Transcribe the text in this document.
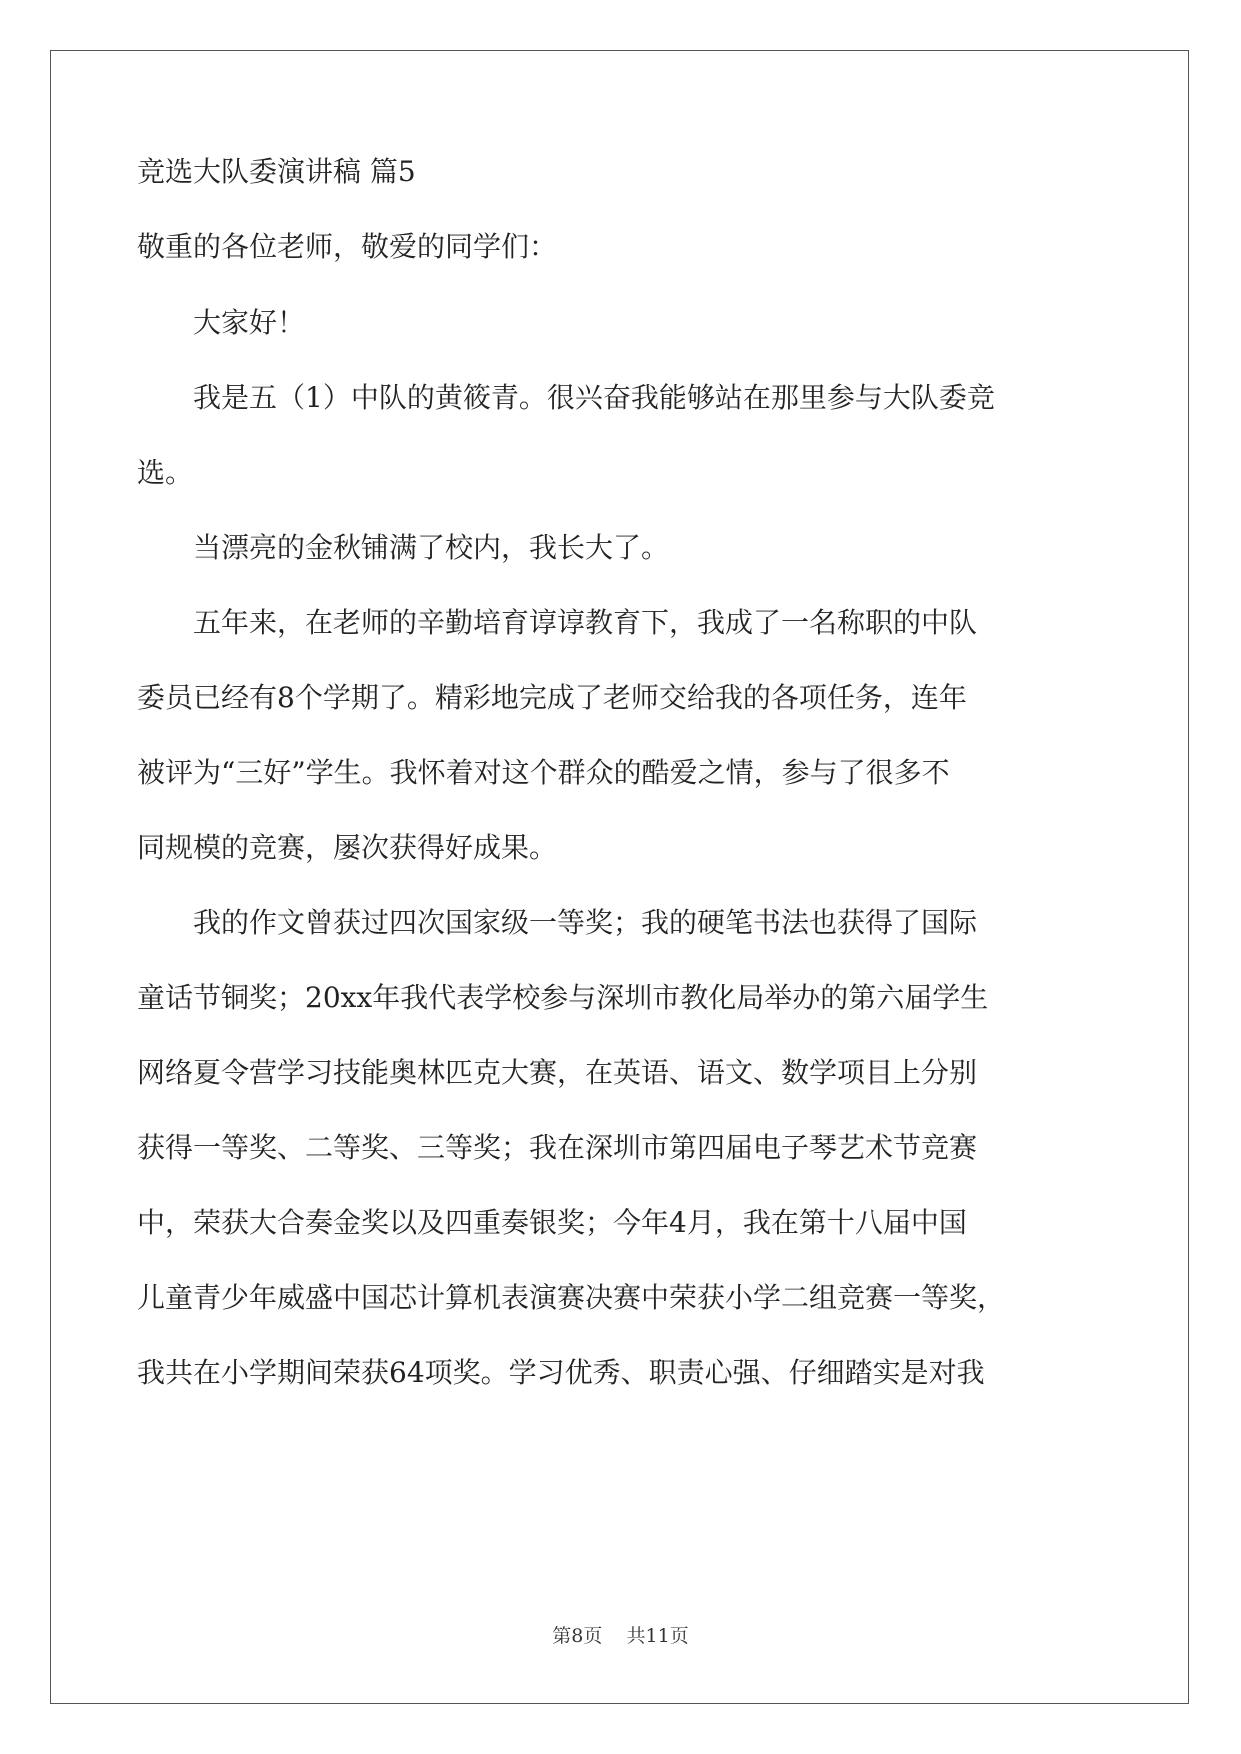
竞选大队委演讲稿 篇5
敬重的各位老师，敬爱的同学们：
大家好！
我是五（1）中队的黄筱青。很兴奋我能够站在那里参与大队委竞
选。
当漂亮的金秋铺满了校内，我长大了。
五年来，在老师的辛勤培育谆谆教育下，我成了一名称职的中队
委员已经有8个学期了。精彩地完成了老师交给我的各项任务，连年
被评为“三好”学生。我怀着对这个群众的酷爱之情，参与了很多不
同规模的竞赛，屡次获得好成果。
我的作文曾获过四次国家级一等奖；我的硬笔书法也获得了国际
童话节铜奖；20xx年我代表学校参与深圳市教化局举办的第六届学生
网络夏令营学习技能奥林匹克大赛，在英语、语文、数学项目上分别
获得一等奖、二等奖、三等奖；我在深圳市第四届电子琴艺术节竞赛
中，荣获大合奏金奖以及四重奏银奖；今年4月，我在第十八届中国
儿童青少年威盛中国芯计算机表演赛决赛中荣获小学二组竞赛一等奖，
我共在小学期间荣获64项奖。学习优秀、职责心强、仔细踏实是对我
第8页    共11页
